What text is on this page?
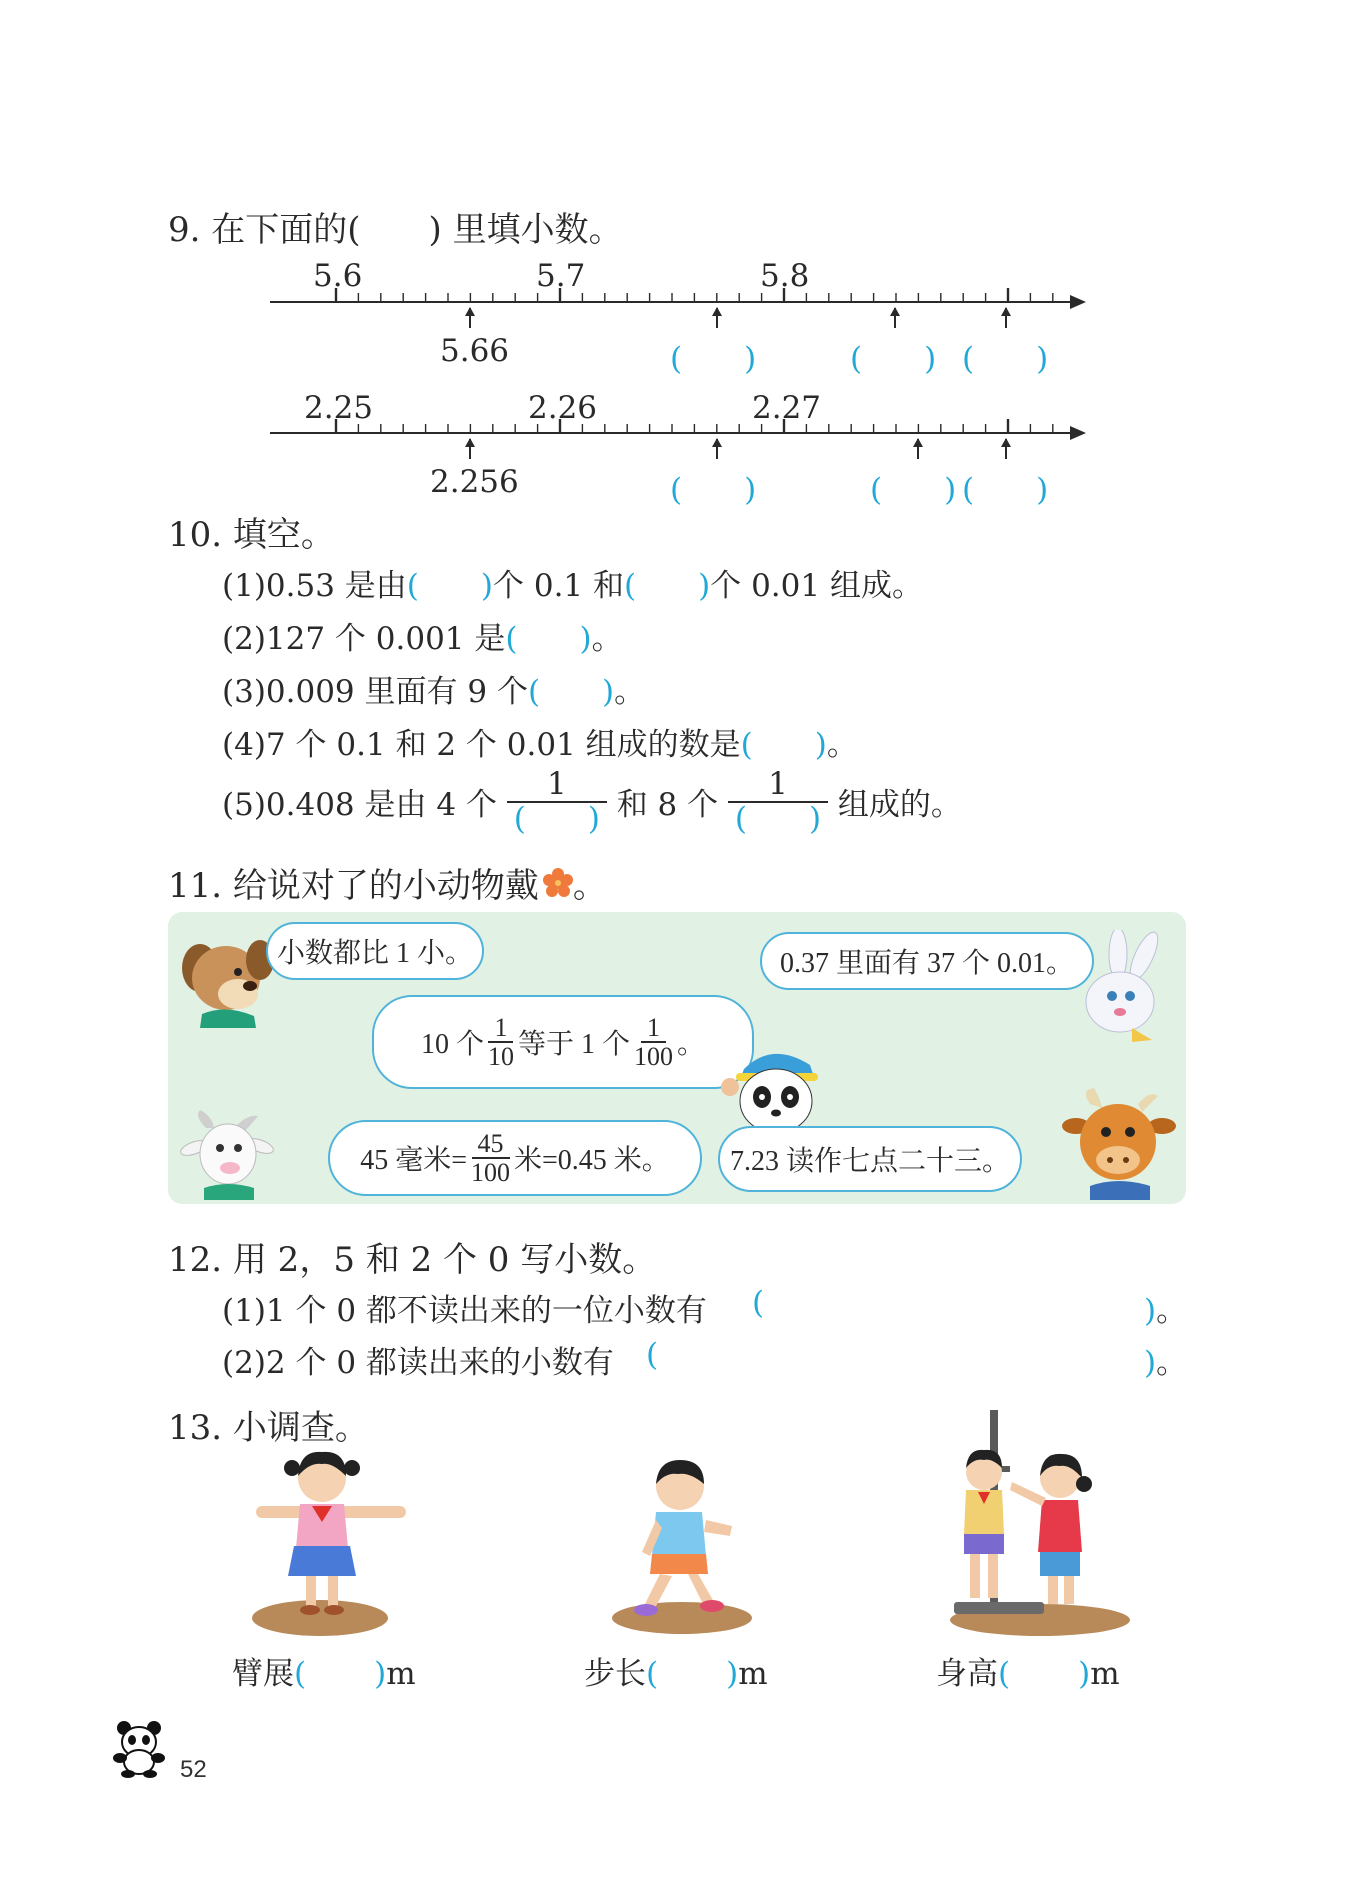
9. 在下面的(　　) 里填小数。
5.6	5.7	5.8
5.66	(　　)	(　　) (　　)
2.25	2.26	2.27
2.256	(　　)	(　　) (　　)
10. 填空。
(1)0.53 是由(　　)个 0.1 和(　　)个 0.01 组成。
(2)127 个 0.001 是(　　)。
(3)0.009 里面有 9 个(　　)。
(4)7 个 0.1 和 2 个 0.01 组成的数是(　　)。
(5)0.408 是由 4 个 $\frac{1}{( )}$ 和 8 个 $\frac{1}{( )}$ 组成的。
11. 给说对了的小动物戴 。
小数都比 1 小。	0.37 里面有 37 个 0.01。
10 个 $\frac{1}{10}$ 等于 1 个 $\frac{1}{100}$ 。
45 毫米= $\frac{45}{100}$ 米=0.45 米。 7.23 读作七点二十三。
12. 用 2，5 和 2 个 0 写小数。
(1)1 个 0 都不读出来的一位小数有 (	)。
(2)2 个 0 都读出来的小数有 (	)。
13. 小调查。
臂展( )m	步长( )m	身高( )m
52
